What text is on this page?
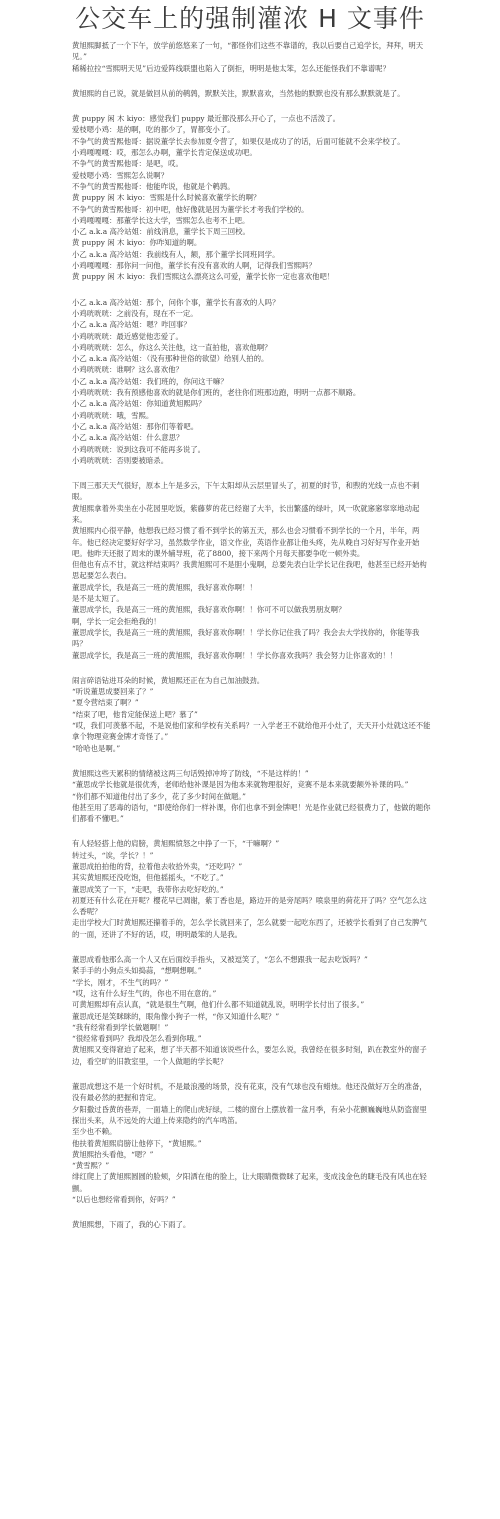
公交车上的强制灌浓 H 文事件

黄旭熙脚抵了一个下午，放学前悠悠来了一句，“都怪你们这些不靠谱的，我以后要自己追学长，拜拜，明天见。”

稀稀拉拉“雪熙明天见”后边爱阵线联盟也陷入了倒拒，明明是他太笨，怎么还能怪我们不靠谱呢？

黄旭熙的自己说，就是做回从前的鹌鹑，默默关注，默默喜欢，当然他的默默也没有那么默默就是了。

黄 puppy 闲 木 kiyo：感觉我们 puppy 最近都没那么开心了，一点也不活泼了。

爱枝嗯小鸡：是的啊，吃的都少了，胃都变小了。

不争气的黄雪熙他哥：据说董学长去参加夏令营了，如果仅是成功了的话，后面可能就不会来学校了。

小鸡嘎嘎嘎：哎，那怎么办啊，董学长肯定保送成功吧。

不争气的黄雪熙他哥：是吧，哎。

爱枝嗯小鸡：雪熙怎么说啊？

不争气的黄雪熙他哥：他能咋说，他就是个鹌鹑。

黄 puppy 闲 木 kiyo：雪熙是什么时候喜欢董学长的啊？

不争气的黄雪熙他哥：初中吧，他好像就是因为董学长才考我们学校的。

小鸡嘎嘎嘎：那董学长这大学，雪熙怎么也考不上吧。

小乙 a.k.a 高冷站姐：前线消息，董学长下周三回校。

黄 puppy 闲 木 kiyo：你咋知道的啊。

小乙 a.k.a 高冷站姐：我前线有人，额，那个董学长同班同学。

小鸡嘎嘎嘎：那你问一问他，董学长有没有喜欢的人啊，记得我们雪熙吗？

黄 puppy 闲 木 kiyo：我们雪熙这么漂亮这么可爱，董学长你一定也喜欢他吧！

小乙 a.k.a 高冷站姐：那个，问你个事，董学长有喜欢的人吗？

小鸡咣咣咣：之前没有，现在不一定。

小乙 a.k.a 高冷站姐：嗯？咋回事？

小鸡咣咣咣：最近感觉他恋爱了。

小鸡咣咣咣：怎么，你这么关注他，这一直拍他，喜欢他啊？

小乙 a.k.a 高冷站姐：（没有那种世俗的欲望）给别人拍的。

小鸡咣咣咣：谁啊？这么喜欢他？

小乙 a.k.a 高冷站姐：我们班的，你问这干嘛？

小鸡咣咣咣：我有预感他喜欢的就是你们班的，老往你们班那边跑，明明一点都不顺路。

小乙 a.k.a 高冷站姐：你知道黄旭熙吗？

小鸡咣咣咣：哦，雪熙。

小乙 a.k.a 高冷站姐：那你们等着吧。

小乙 a.k.a 高冷站姐：什么意思？

小鸡咣咣咣：说到这我可不能再多说了。

小鸡咣咣咣：否则要被暗杀。

下周三那天天气很好，原本上午是多云，下午太阳却从云层里冒头了，初夏的时节，和煦的光线一点也不刺眼。

黄旭熙拿着外卖坐在小花园里吃饭，紫藤萝的花已经谢了大半，长出繁盛的绿叶，风一吹就窸窸窣窣地动起来。

黄旭熙内心很平静，他想我已经习惯了看不到学长的第五天，那么也会习惯看不到学长的一个月，半年，两年。他已经决定要好好学习，虽然数学作业，语文作业，英语作业都让他头疼，先从晚自习好好写作业开始吧。他昨天还报了周末的课外辅导班，花了8800，接下来两个月每天都要争吃一顿外卖。

但他也有点不甘，就这样结束吗？我黄旭熙可不是胆小鬼啊，总要先表白让学长记住我吧，他甚至已经开始构思起要怎么表白。

董思成学长，我是高三一班的黄旭熙，我好喜欢你啊！！

是不是太短了。

董思成学长，我是高三一班的黄旭熙，我好喜欢你啊！！你可不可以做我男朋友啊？

啊，学长一定会拒绝我的！

董思成学长，我是高三一班的黄旭熙，我好喜欢你啊！！学长你记住我了吗？我会去大学找你的，你能等我吗？

董思成学长，我是高三一班的黄旭熙，我好喜欢你啊！！学长你喜欢我吗？我会努力让你喜欢的！！

闹言碎语钻进耳朵的时候，黄旭熙还正在为自己加油鼓劲。

“听说董思成要回来了？”

“夏令营结束了啊？”

“结束了吧，他肯定能保送上吧？慕了”

“哎，我们可羡慕不起，不是说他们家和学校有关系吗？一入学老王不就给他开小灶了，天天开小灶就这还不能拿个物理竞赛金牌才奇怪了。”

“哈哈也是啊。”

黄旭熙这些天累积的情绪被这两三句话毁掉冲垮了防线，“不是这样的！”

“董思成学长他就是很优秀，老师给他补课是因为他本来就物理很好，竞赛不是本来就要额外补课的吗。”

“你们都不知道他付出了多少，花了多少时间在做题。”

他甚至用了恶毒的语句，“即使给你们一样补课，你们也拿不到金牌吧！光是作业就已经很费力了，他做的题你们都看不懂吧。”

有人轻轻搭上他的肩膀，黄旭熙愤怒之中挣了一下，“干嘛啊？”

转过头，“诶，学长？！”

董思成拍拍他的背，拉着他去收拾外卖，“还吃吗？”

其实黄旭熙还没吃饱，但他摇摇头，“不吃了。”

董思成笑了一下，“走吧，我带你去吃好吃的。”

初夏还有什么花在开呢？樱花早已凋谢，紫丁香也是，路边开的是旁尾吗？喷泉里的荷花开了吗？空气怎么这么香呢？

走出学校大门时黄旭熙还攥着手的，怎么学长就回来了，怎么就要一起吃东西了，还被学长看到了自己发脾气的一面，还讲了不好的话，哎，明明最笨的人是我。

董思成看他那么高一个人又在后面绞手指头，又被逗笑了，“怎么不想跟我一起去吃饭吗？”

紧手手的小狗点头如捣蒜，“想啊想啊。”

“学长，刚才，不生气的吗？”

“哎，这有什么好生气的，你也不用在意的。”

可黄旭熙却有点认真，“就是很生气啊，他们什么都不知道就乱说，明明学长付出了很多。”

董思成还是笑眯眯的，眼角像小狗子一样，“你又知道什么呢？”

“我有经常看到学长做题啊！”

“很经常看到吗？我却没怎么看到你哦。”

黄旭熙又变得窘迫了起来，想了半天都不知道该说些什么，要怎么说，我曾经在很多时刻，趴在教室外的窗子边，看空旷的旧教室里，一个人做题的学长呢？

董思成想这不是一个好时机，不是最浪漫的场景，没有花束，没有气球也没有蜡烛。他还没做好万全的准备，没有最必然的把握和肯定。

夕阳撒过昏黄的巷弄，一面墙上的爬山虎好绿，二楼的窗台上摆放着一盆月季，有朵小花颤巍巍地从防盗窗里探出头来，从不远处的大道上传来隐约的汽车鸣笛。

至少也不赖。

他扶着黄旭熙肩膀让他停下，“黄旭熙。”

黄旭熙抬头看他，“嗯？”

“黄雪熙？”

绯红爬上了黄旭熙圆圆的脸颊，夕阳洒在他的脸上，让大眼睛微微眯了起来，变成浅金色的睫毛没有风也在轻颤。

“以后也想经常看到你，好吗？”

黄旭熙想，下雨了，我的心下雨了。
